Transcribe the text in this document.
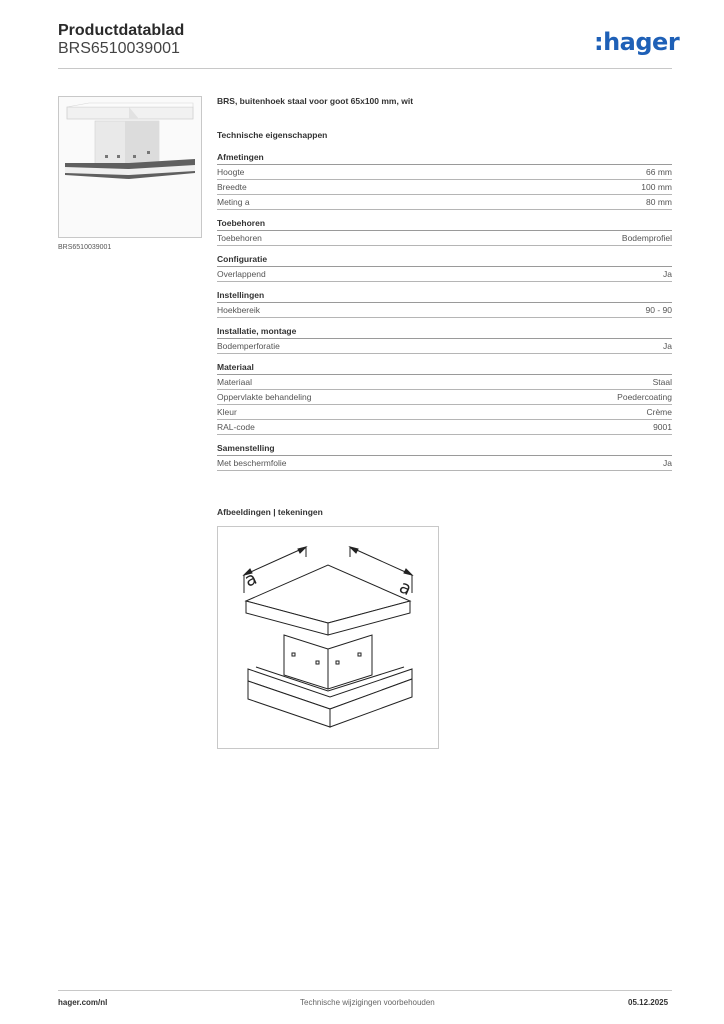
Productdatablad
BRS6510039001	:hager
BRS6510039001
BRS, buitenhoek staal voor goot 65x100 mm, wit
Technische eigenschappen
Afmetingen
Hoogte	66 mm
Breedte	100 mm
Meting a	80 mm
Toebehoren
Toebehoren	Bodemprofiel
Configuratie
Overlappend	Ja
Instellingen
Hoekbereik	90 - 90
Installatie, montage
Bodemperforatie	Ja
Materiaal
Materiaal	Staal
Oppervlakte behandeling	Poedercoating
Kleur	Crème
RAL-code	9001
Samenstelling
Met beschermfolie	Ja
Afbeeldingen | tekeningen
a	a
hager.com/nl	Technische wijzigingen voorbehouden	05.12.2025
